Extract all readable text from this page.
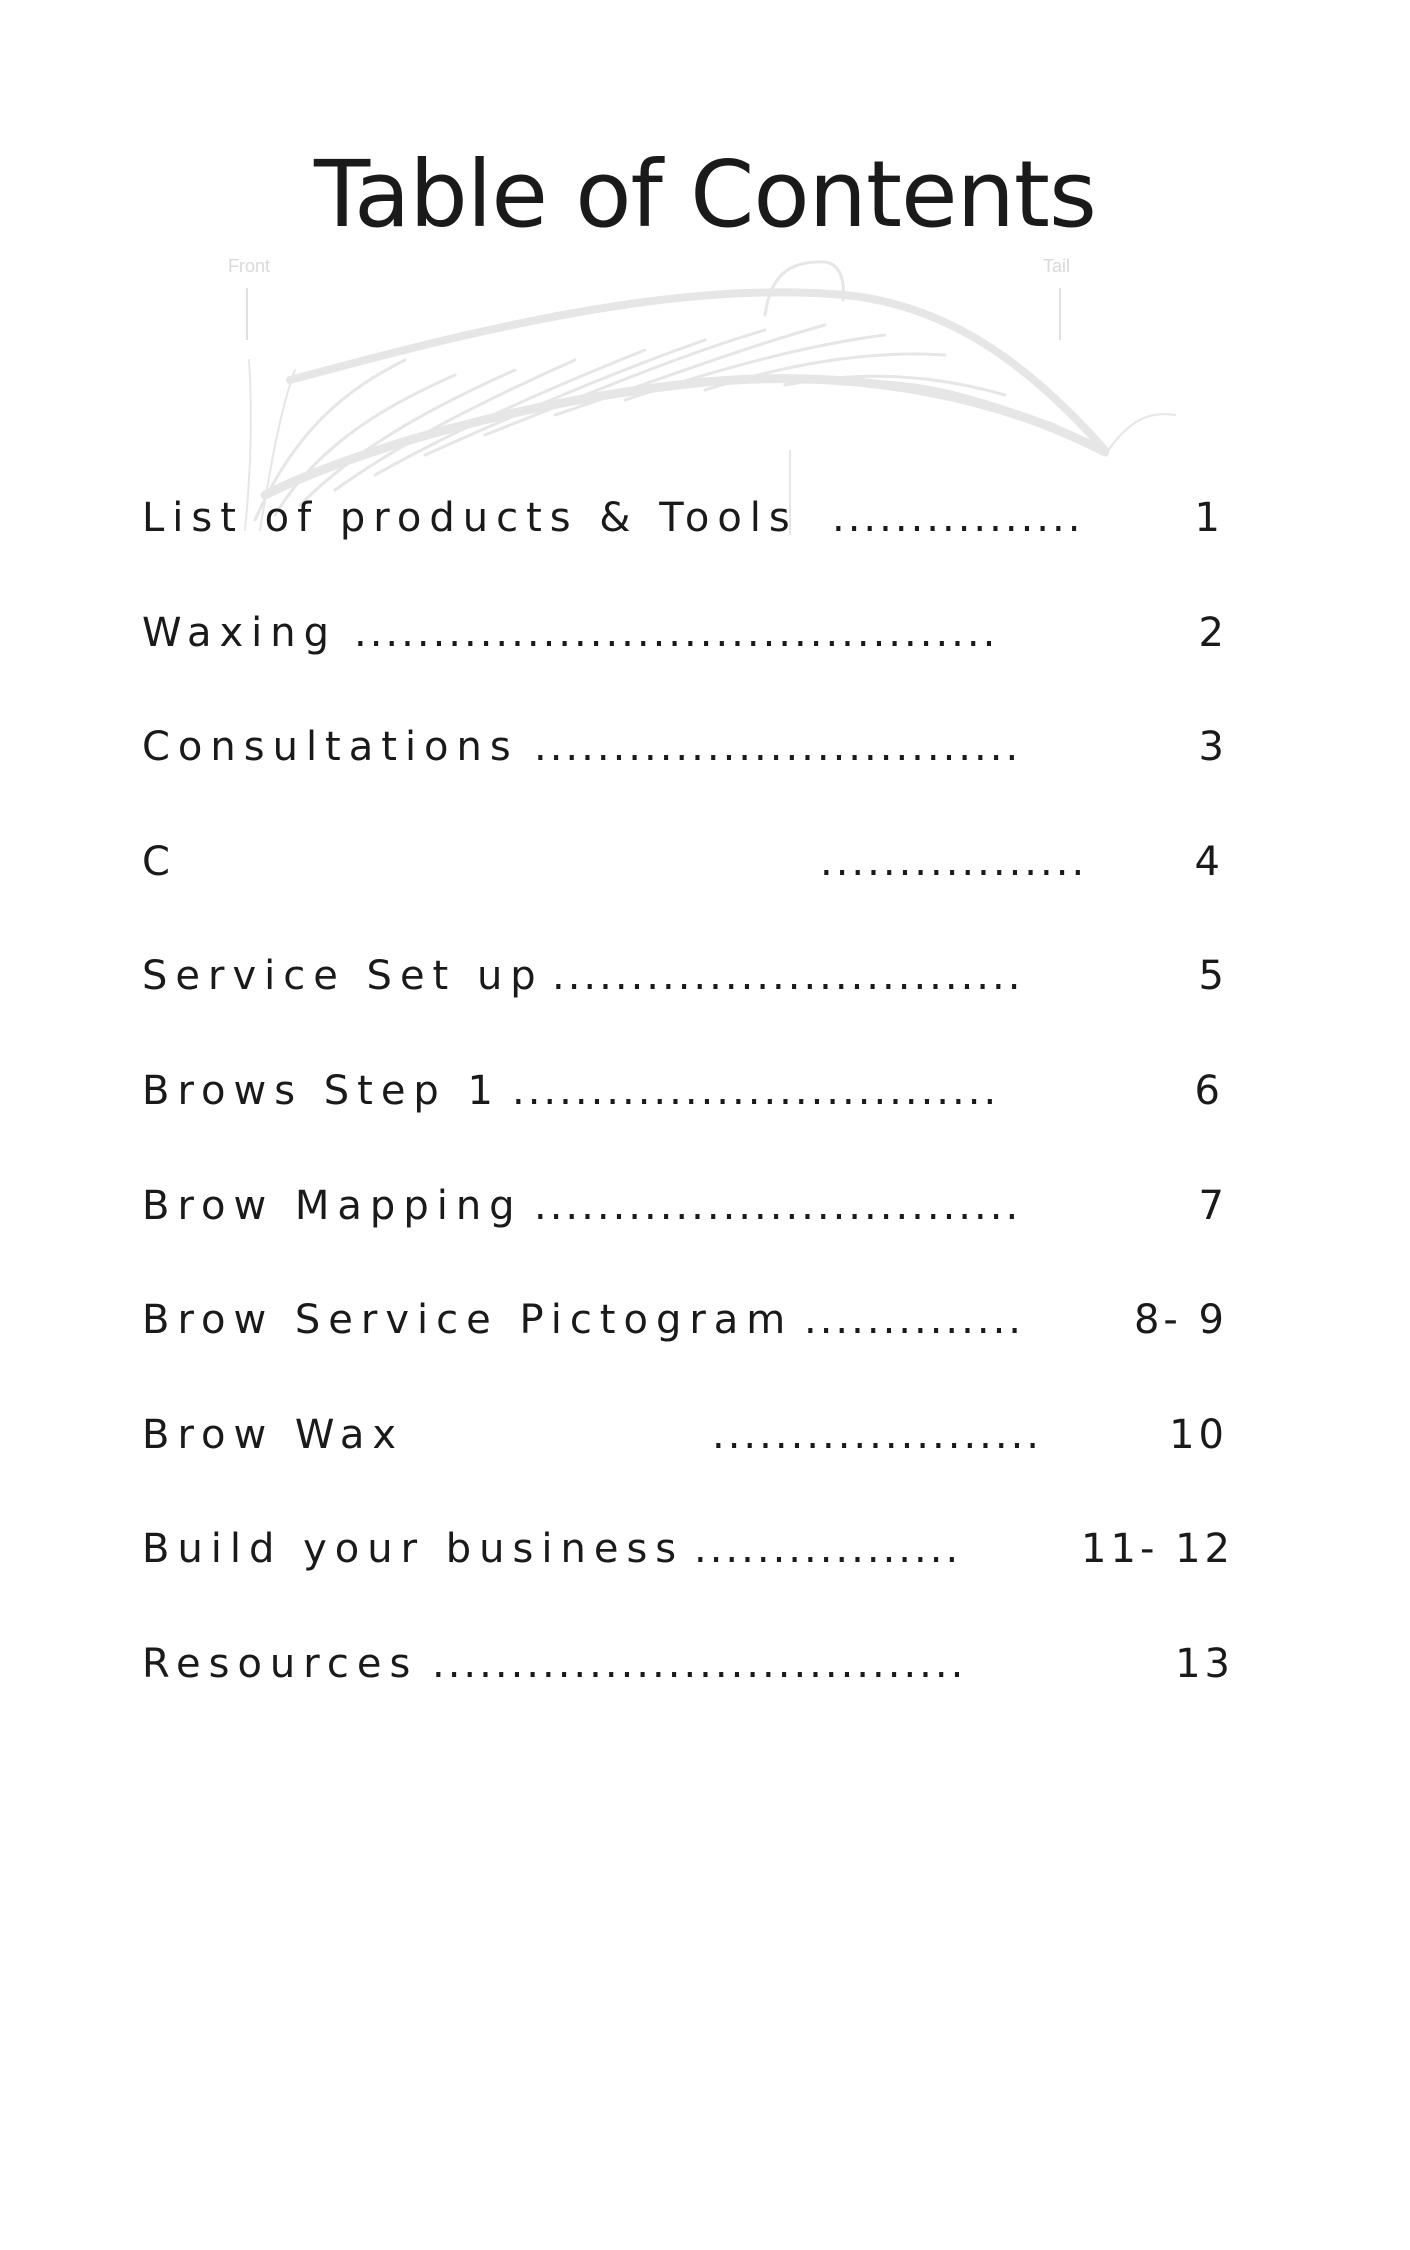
Front	Tail
Table of Contents
List of products & Tools ................	1
Waxing .........................................	2
Consultations ...............................	3
C	.................	4
Service Set up ..............................	5
Brows Step 1 ...............................	6
Brow Mapping ...............................	7
Brow Service Pictogram ..............	8- 9
Brow Wax	.....................	10
Build your business .................	11- 12
Resources ..................................	13
